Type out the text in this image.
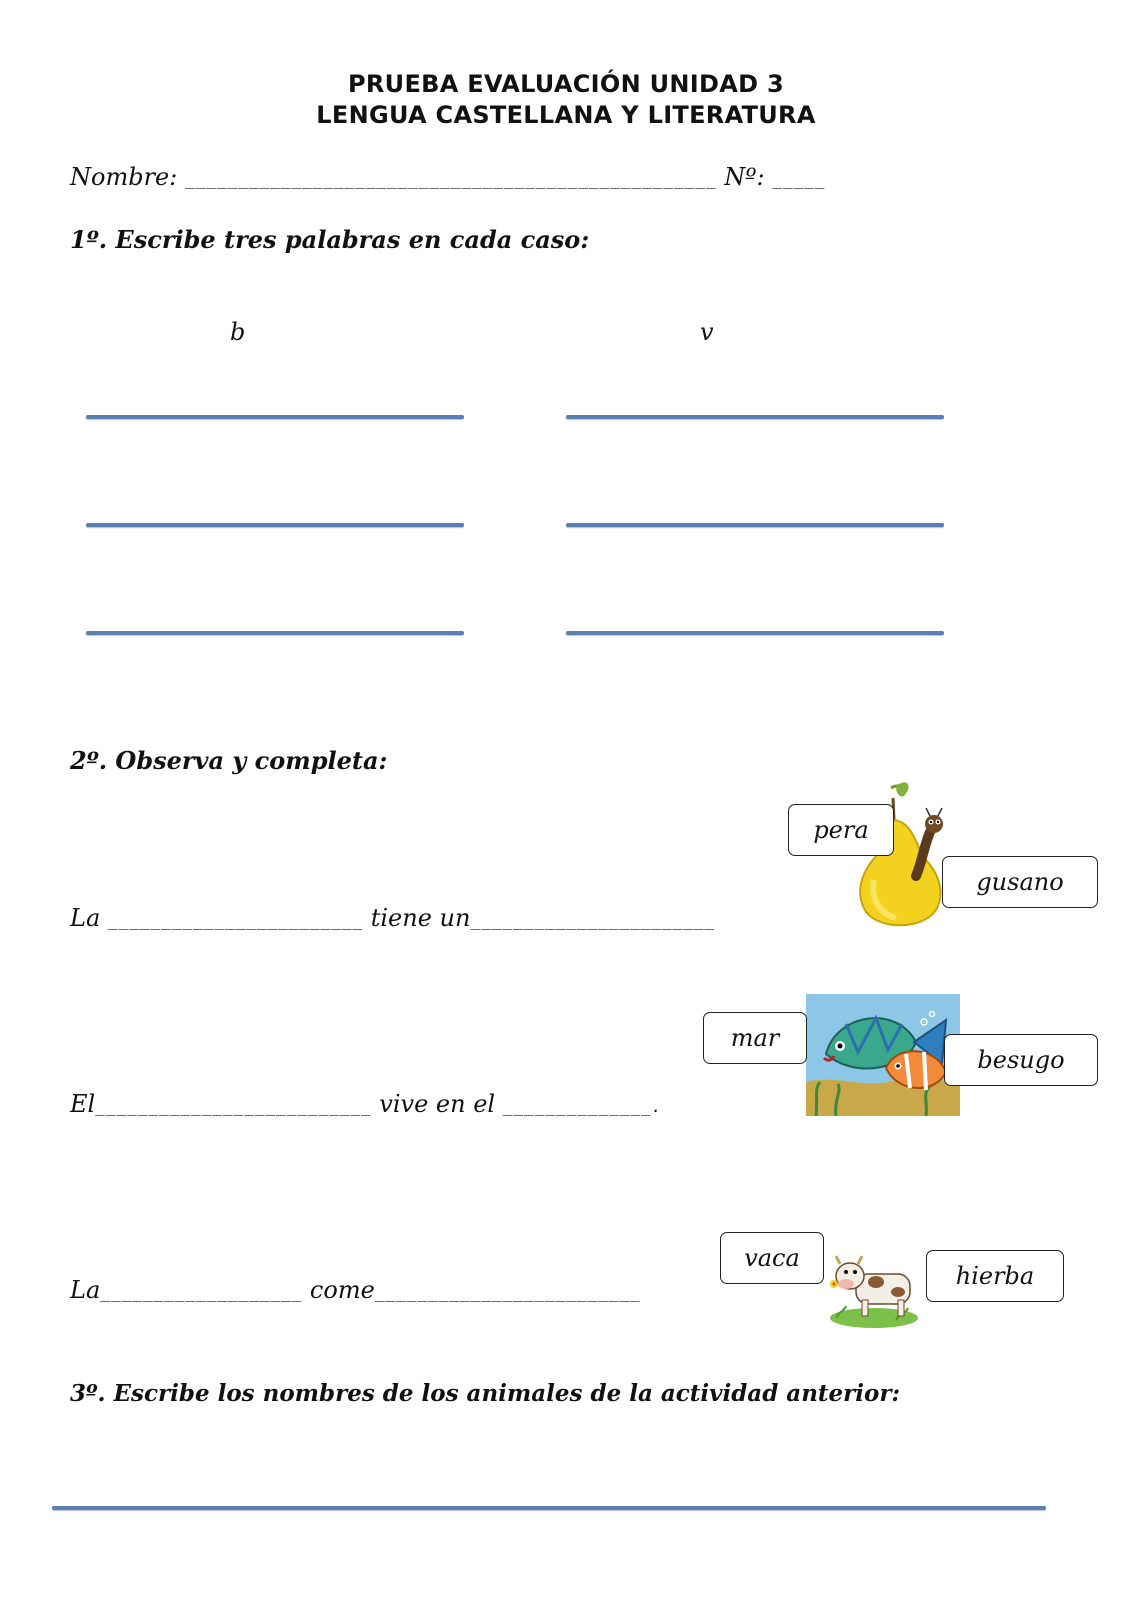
PRUEBA EVALUACIÓN UNIDAD 3
LENGUA CASTELLANA Y LITERATURA
Nombre: __________________________________________________ Nº: _____
1º. Escribe tres palabras en cada caso:
b	v
2º. Observa y completa:
pera
gusano
La ________________________ tiene un_______________________
mar
besugo
El__________________________ vive en el ______________.
vaca
hierba
La___________________ come_________________________
3º. Escribe los nombres de los animales de la actividad anterior:
